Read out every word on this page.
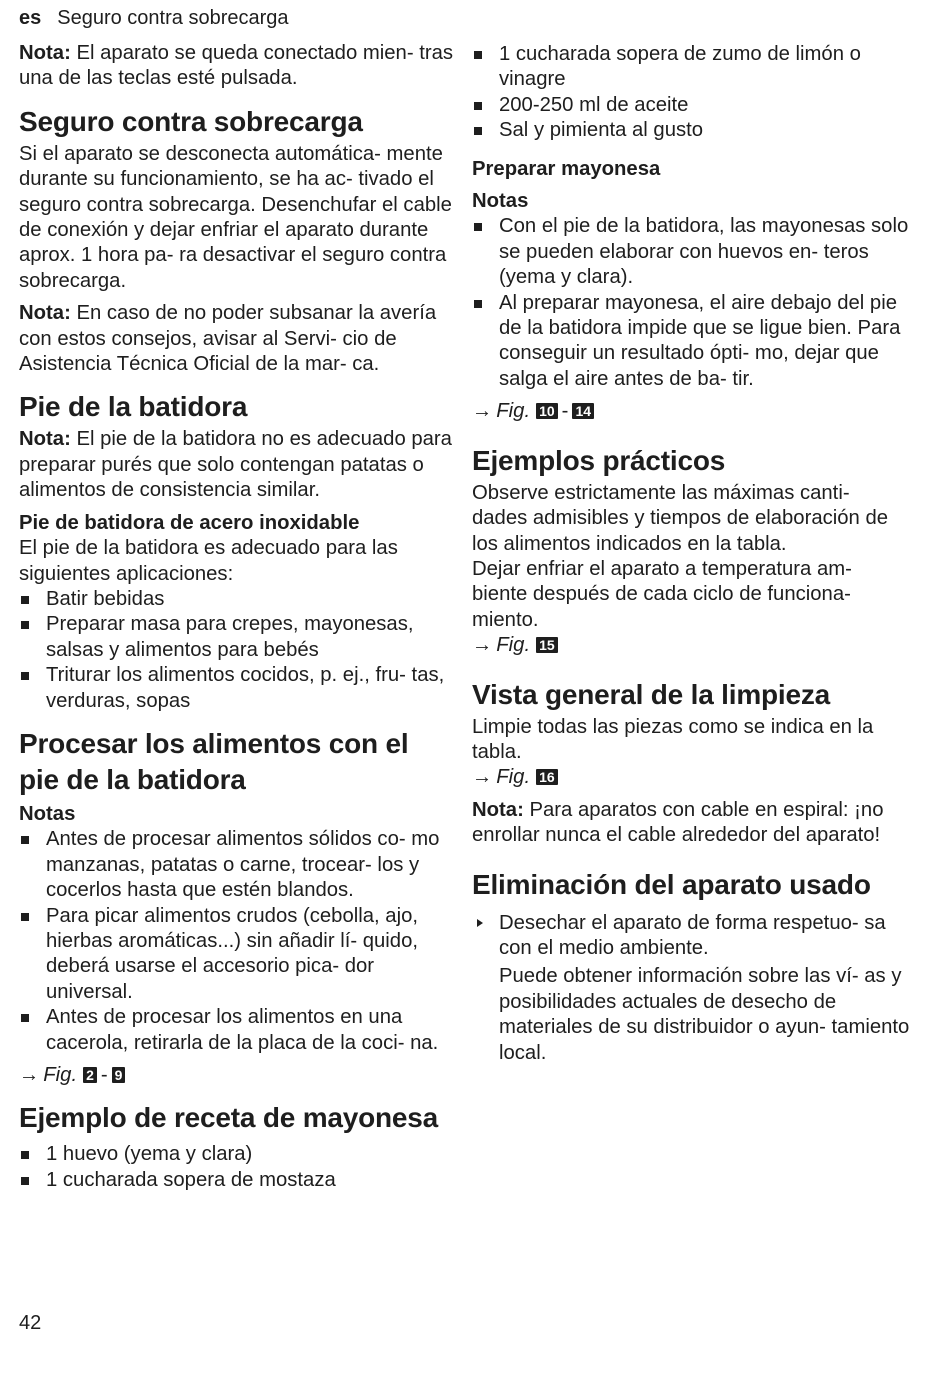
es Seguro contra sobrecarga

Nota: El aparato se queda conectado mien- tras una de las teclas esté pulsada.

Seguro contra sobrecarga

Si el aparato se desconecta automática- mente durante su funcionamiento, se ha ac- tivado el seguro contra sobrecarga. Desenchufar el cable de conexión y dejar enfriar el aparato durante aprox. 1 hora pa- ra desactivar el seguro contra sobrecarga.

Nota: En caso de no poder subsanar la avería con estos consejos, avisar al Servi- cio de Asistencia Técnica Oficial de la mar- ca.

Pie de la batidora

Nota: El pie de la batidora no es adecuado para preparar purés que solo contengan patatas o alimentos de consistencia similar.

Pie de batidora de acero inoxidable

El pie de la batidora es adecuado para las siguientes aplicaciones:

Batir bebidas
Preparar masa para crepes, mayonesas, salsas y alimentos para bebés
Triturar los alimentos cocidos, p. ej., fru- tas, verduras, sopas
Procesar los alimentos con el pie de la batidora
Notas
Antes de procesar alimentos sólidos co- mo manzanas, patatas o carne, trocear- los y cocerlos hasta que estén blandos.
Para picar alimentos crudos (cebolla, ajo, hierbas aromáticas...) sin añadir lí- quido, deberá usarse el accesorio pica- dor universal.
Antes de procesar los alimentos en una cacerola, retirarla de la placa de la coci- na.

→ Fig. 2 - 9

Ejemplo de receta de mayonesa
1 huevo (yema y clara)
1 cucharada sopera de mostaza
1 cucharada sopera de zumo de limón o vinagre
200-250 ml de aceite
Sal y pimienta al gusto
Preparar mayonesa
Notas
Con el pie de la batidora, las mayonesas solo se pueden elaborar con huevos en- teros (yema y clara).
Al preparar mayonesa, el aire debajo del pie de la batidora impide que se ligue bien. Para conseguir un resultado ópti- mo, dejar que salga el aire antes de ba- tir.

→ Fig. 10 - 14

Ejemplos prácticos

Observe estrictamente las máximas canti- dades admisibles y tiempos de elaboración de los alimentos indicados en la tabla.

Dejar enfriar el aparato a temperatura am- biente después de cada ciclo de funciona- miento.

→ Fig. 15

Vista general de la limpieza

Limpie todas las piezas como se indica en la tabla.

→ Fig. 16

Nota: Para aparatos con cable en espiral: ¡no enrollar nunca el cable alrededor del aparato!

Eliminación del aparato usado
Desechar el aparato de forma respetuo- sa con el medio ambiente.

Puede obtener información sobre las ví- as y posibilidades actuales de desecho de materiales de su distribuidor o ayun- tamiento local.

42
